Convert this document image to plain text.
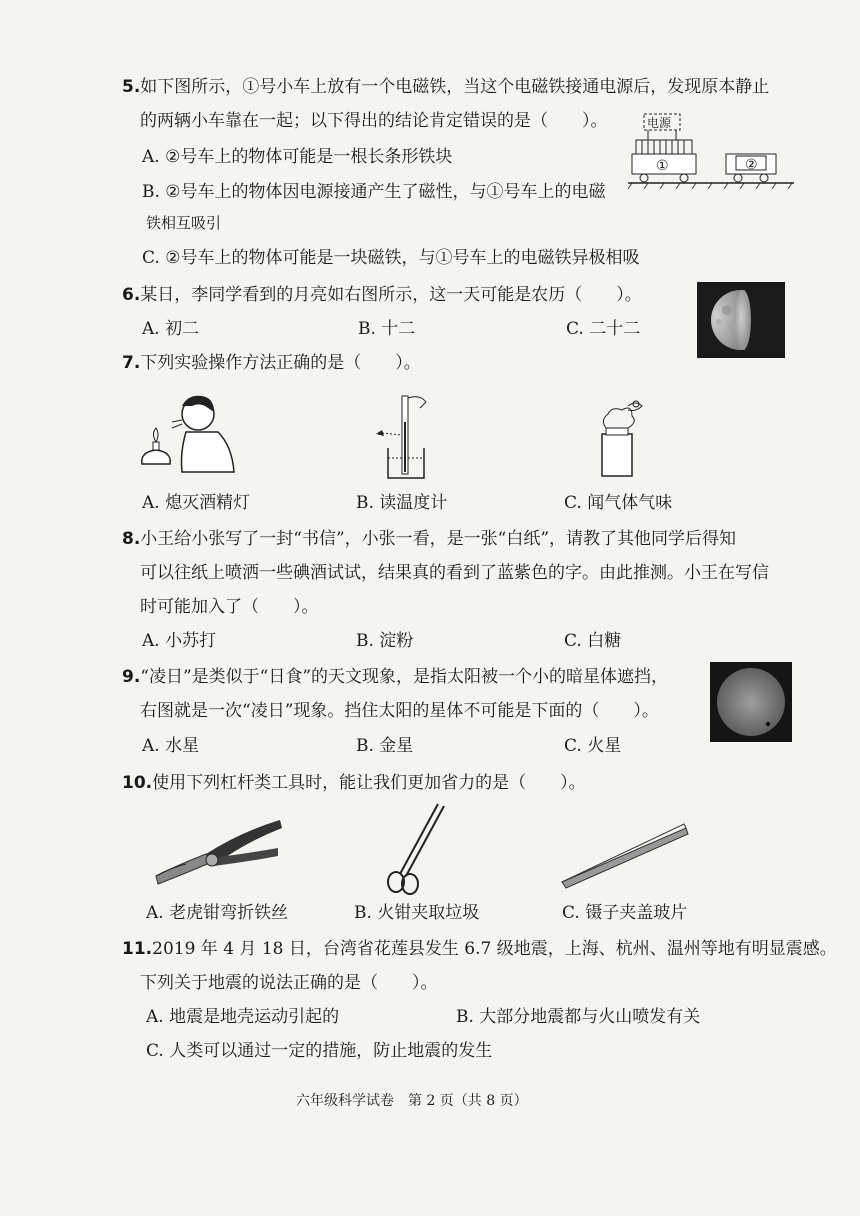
5.如下图所示，①号小车上放有一个电磁铁，当这个电磁铁接通电源后，发现原本静止
的两辆小车靠在一起；以下得出的结论肯定错误的是（　　）。
A. ②号车上的物体可能是一根长条形铁块
B. ②号车上的物体因电源接通产生了磁性，与①号车上的电磁
铁相互吸引
C. ②号车上的物体可能是一块磁铁，与①号车上的电磁铁异极相吸
电源
①	②
6.某日，李同学看到的月亮如右图所示，这一天可能是农历（　　）。
A. 初二	B. 十二	C. 二十二
7.下列实验操作方法正确的是（　　）。
A. 熄灭酒精灯	B. 读温度计	C. 闻气体气味
8.小王给小张写了一封“书信”，小张一看，是一张“白纸”，请教了其他同学后得知
可以往纸上喷洒一些碘酒试试，结果真的看到了蓝紫色的字。由此推测。小王在写信
时可能加入了（　　）。
A. 小苏打	B. 淀粉	C. 白糖
9.“凌日”是类似于“日食”的天文现象，是指太阳被一个小的暗星体遮挡，
右图就是一次“凌日”现象。挡住太阳的星体不可能是下面的（　　）。
A. 水星	B. 金星	C. 火星
10.使用下列杠杆类工具时，能让我们更加省力的是（　　）。
A. 老虎钳弯折铁丝	B. 火钳夹取垃圾	C. 镊子夹盖玻片
11.2019 年 4 月 18 日，台湾省花莲县发生 6.7 级地震，上海、杭州、温州等地有明显震感。
下列关于地震的说法正确的是（　　）。
A. 地震是地壳运动引起的	B. 大部分地震都与火山喷发有关
C. 人类可以通过一定的措施，防止地震的发生
六年级科学试卷　第 2 页（共 8 页）
